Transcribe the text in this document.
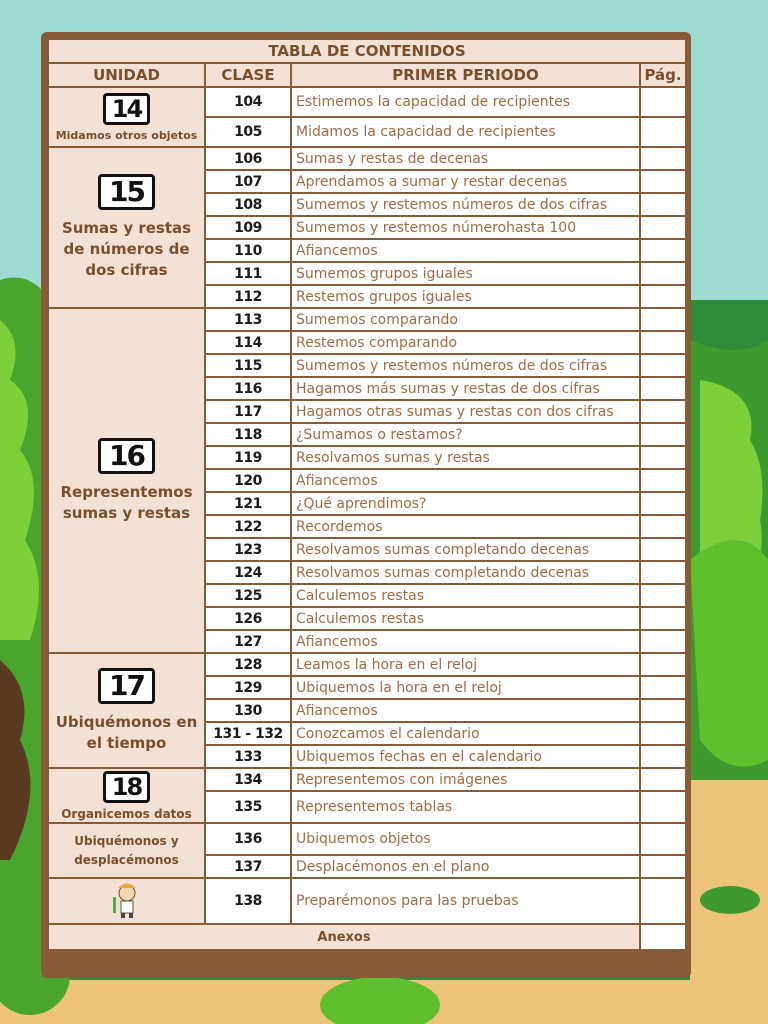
TABLA DE CONTENIDOS			
UNIDAD	CLASE	PRIMER PERIODO	Pág.
14
Midamos otros objetos	104	Estimemos la capacidad de recipientes	
	105	Midamos la capacidad de recipientes	
15
Sumas y restas de números de dos cifras	106	Sumas y restas de decenas	
	107	Aprendamos a sumar y restar decenas	
	108	Sumemos y restemos números de dos cifras	
	109	Sumemos y restemos númerohasta 100	
	110	Afiancemos	
	111	Sumemos grupos iguales	
	112	Restemos grupos iguales	
16
Representemos sumas y restas	113	Sumemos comparando	
	114	Restemos comparando	
	115	Sumemos y restemos números de dos cifras	
	116	Hagamos más sumas y restas de dos cifras	
	117	Hagamos otras sumas y restas con dos cifras	
	118	¿Sumamos o restamos?	
	119	Resolvamos sumas y restas	
	120	Afiancemos	
	121	¿Qué aprendimos?	
	122	Recordemos	
	123	Resolvamos sumas completando decenas	
	124	Resolvamos sumas completando decenas	
	125	Calculemos restas	
	126	Calculemos restas	
	127	Afiancemos	
17
Ubiquémonos en el tiempo	128	Leamos la hora en el reloj	
	129	Ubiquemos la hora en el reloj	
	130	Afiancemos	
	131 - 132	Conozcamos el calendario	
	133	Ubiquemos fechas en el calendario	
18
Organicemos datos	134	Representemos con imágenes	
	135	Representemos tablas	

Ubiquémonos y desplacémonos	136	Ubiquemos objetos	
	137	Desplacémonos en el plano	
	138	Preparémonos para las pruebas	
Anexos			
